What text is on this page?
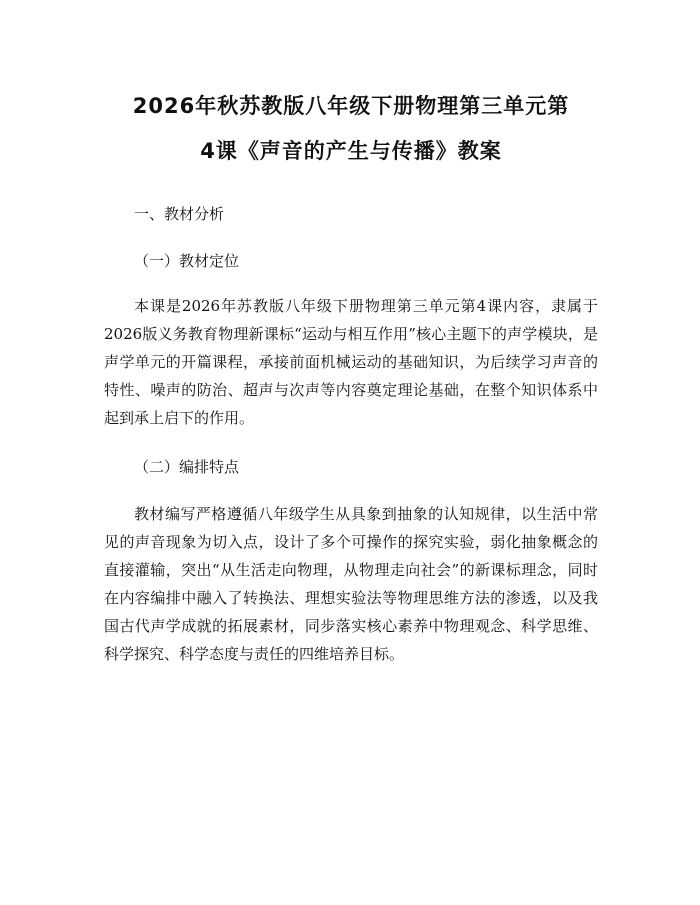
2026年秋苏教版八年级下册物理第三单元第
4课《声音的产生与传播》教案

一、教材分析

（一）教材定位

本课是2026年苏教版八年级下册物理第三单元第4课内容，隶属于2026版义务教育物理新课标“运动与相互作用”核心主题下的声学模块，是声学单元的开篇课程，承接前面机械运动的基础知识，为后续学习声音的特性、噪声的防治、超声与次声等内容奠定理论基础，在整个知识体系中起到承上启下的作用。

（二）编排特点

教材编写严格遵循八年级学生从具象到抽象的认知规律，以生活中常见的声音现象为切入点，设计了多个可操作的探究实验，弱化抽象概念的直接灌输，突出“从生活走向物理，从物理走向社会”的新课标理念，同时在内容编排中融入了转换法、理想实验法等物理思维方法的渗透，以及我国古代声学成就的拓展素材，同步落实核心素养中物理观念、科学思维、科学探究、科学态度与责任的四维培养目标。
